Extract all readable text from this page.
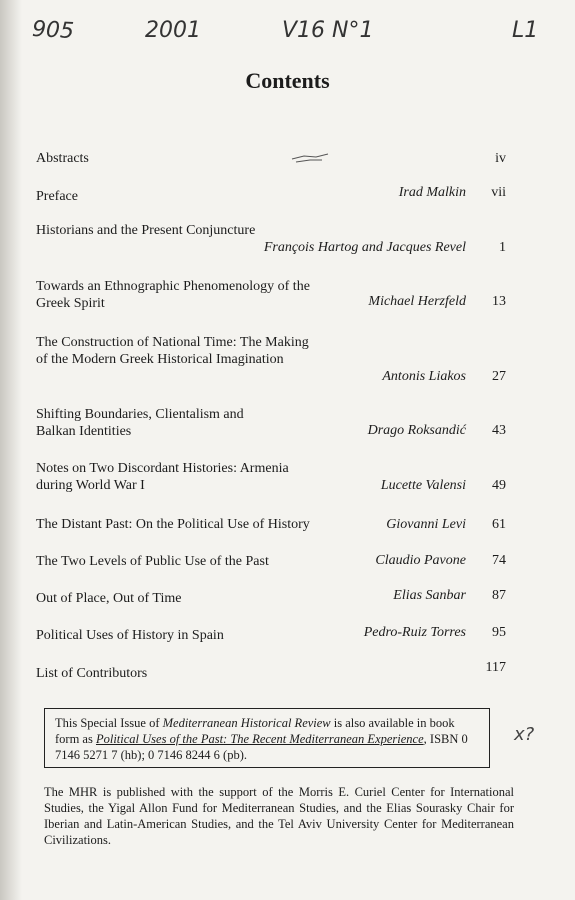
905	2001	V16 N°1	L1
Contents
Abstracts	iv
Preface	Irad Malkin	vii
Historians and the Present Conjuncture
François Hartog and Jacques Revel	1
Towards an Ethnographic Phenomenology of the Greek Spirit	Michael Herzfeld	13
The Construction of National Time: The Making of the Modern Greek Historical Imagination
Antonis Liakos	27
Shifting Boundaries, Clientalism and Balkan Identities	Drago Roksandić	43
Notes on Two Discordant Histories: Armenia during World War I	Lucette Valensi	49
The Distant Past: On the Political Use of History	Giovanni Levi	61
The Two Levels of Public Use of the Past	Claudio Pavone	74
Out of Place, Out of Time	Elias Sanbar	87
Political Uses of History in Spain	Pedro-Ruiz Torres	95
List of Contributors	117
This Special Issue of Mediterranean Historical Review is also available in book form as Political Uses of the Past: The Recent Mediterranean Experience, ISBN 0 7146 5271 7 (hb); 0 7146 8244 6 (pb).
x?
The MHR is published with the support of the Morris E. Curiel Center for International Studies, the Yigal Allon Fund for Mediterranean Studies, and the Elias Sourasky Chair for Iberian and Latin-American Studies, and the Tel Aviv University Center for Mediterranean Civilizations.
